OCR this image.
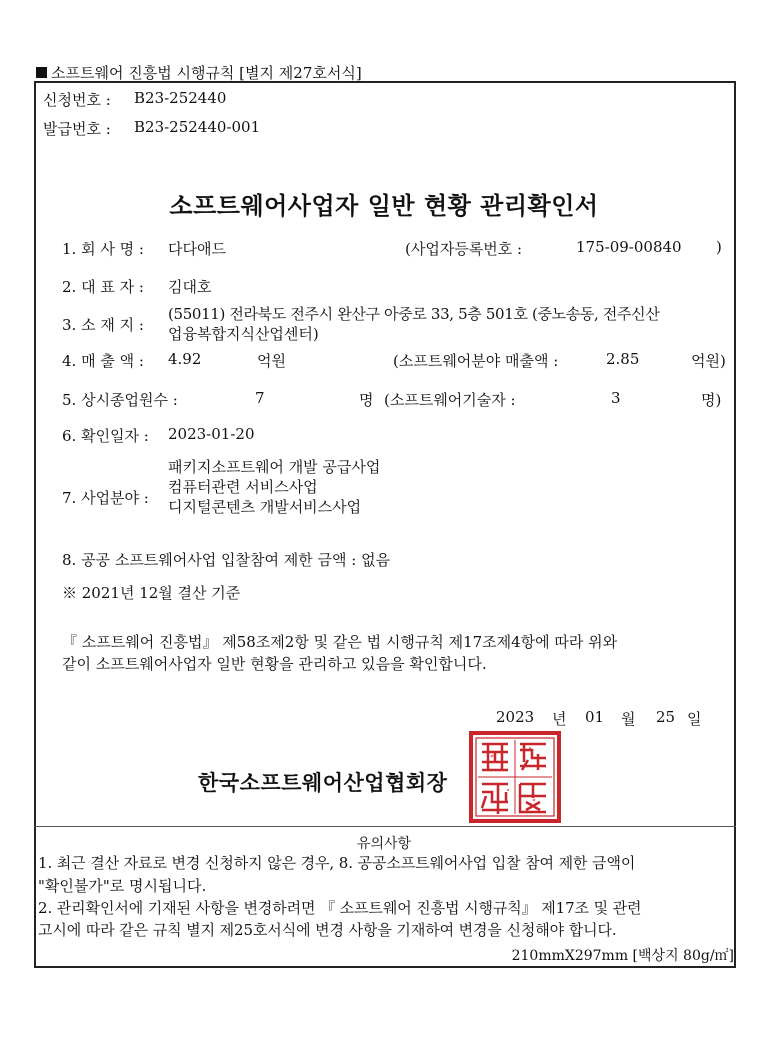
소프트웨어 진흥법 시행규칙 [별지 제27호서식]
신청번호 : B23-252440
발급번호 : B23-252440-001
소프트웨어사업자 일반 현황 관리확인서
1. 회 사 명 : 다다애드	(사업자등록번호 :	175-09-00840 )
2. 대 표 자 : 김대호
3. 소 재 지 :
(55011) 전라북도 전주시 완산구 아중로 33, 5층 501호 (중노송동, 전주신산
업융복합지식산업센터)
4. 매 출 액 : 4.92	억원	(소프트웨어분야 매출액 :	2.85	억원)
5. 상시종업원수 :	7	명 (소프트웨어기술자 :	3	명)
6. 확인일자 : 2023-01-20
7. 사업분야 :
패키지소프트웨어 개발 공급사업
컴퓨터관련 서비스사업
디지털콘텐츠 개발서비스사업
8. 공공 소프트웨어사업 입찰참여 제한 금액 : 없음
※ 2021년 12월 결산 기준
『 소프트웨어 진흥법』 제58조제2항 및 같은 법 시행규칙 제17조제4항에 따라 위와
같이 소프트웨어사업자 일반 현황을 관리하고 있음을 확인합니다.
2023 년 01 월 25 일
한국소프트웨어산업협회장
유의사항
1. 최근 결산 자료로 변경 신청하지 않은 경우, 8. 공공소프트웨어사업 입찰 참여 제한 금액이
"확인불가"로 명시됩니다.
2. 관리확인서에 기재된 사항을 변경하려면 『 소프트웨어 진흥법 시행규칙』 제17조 및 관련
고시에 따라 같은 규칙 별지 제25호서식에 변경 사항을 기재하여 변경을 신청해야 합니다.
210mmX297mm [백상지 80g/㎡]
